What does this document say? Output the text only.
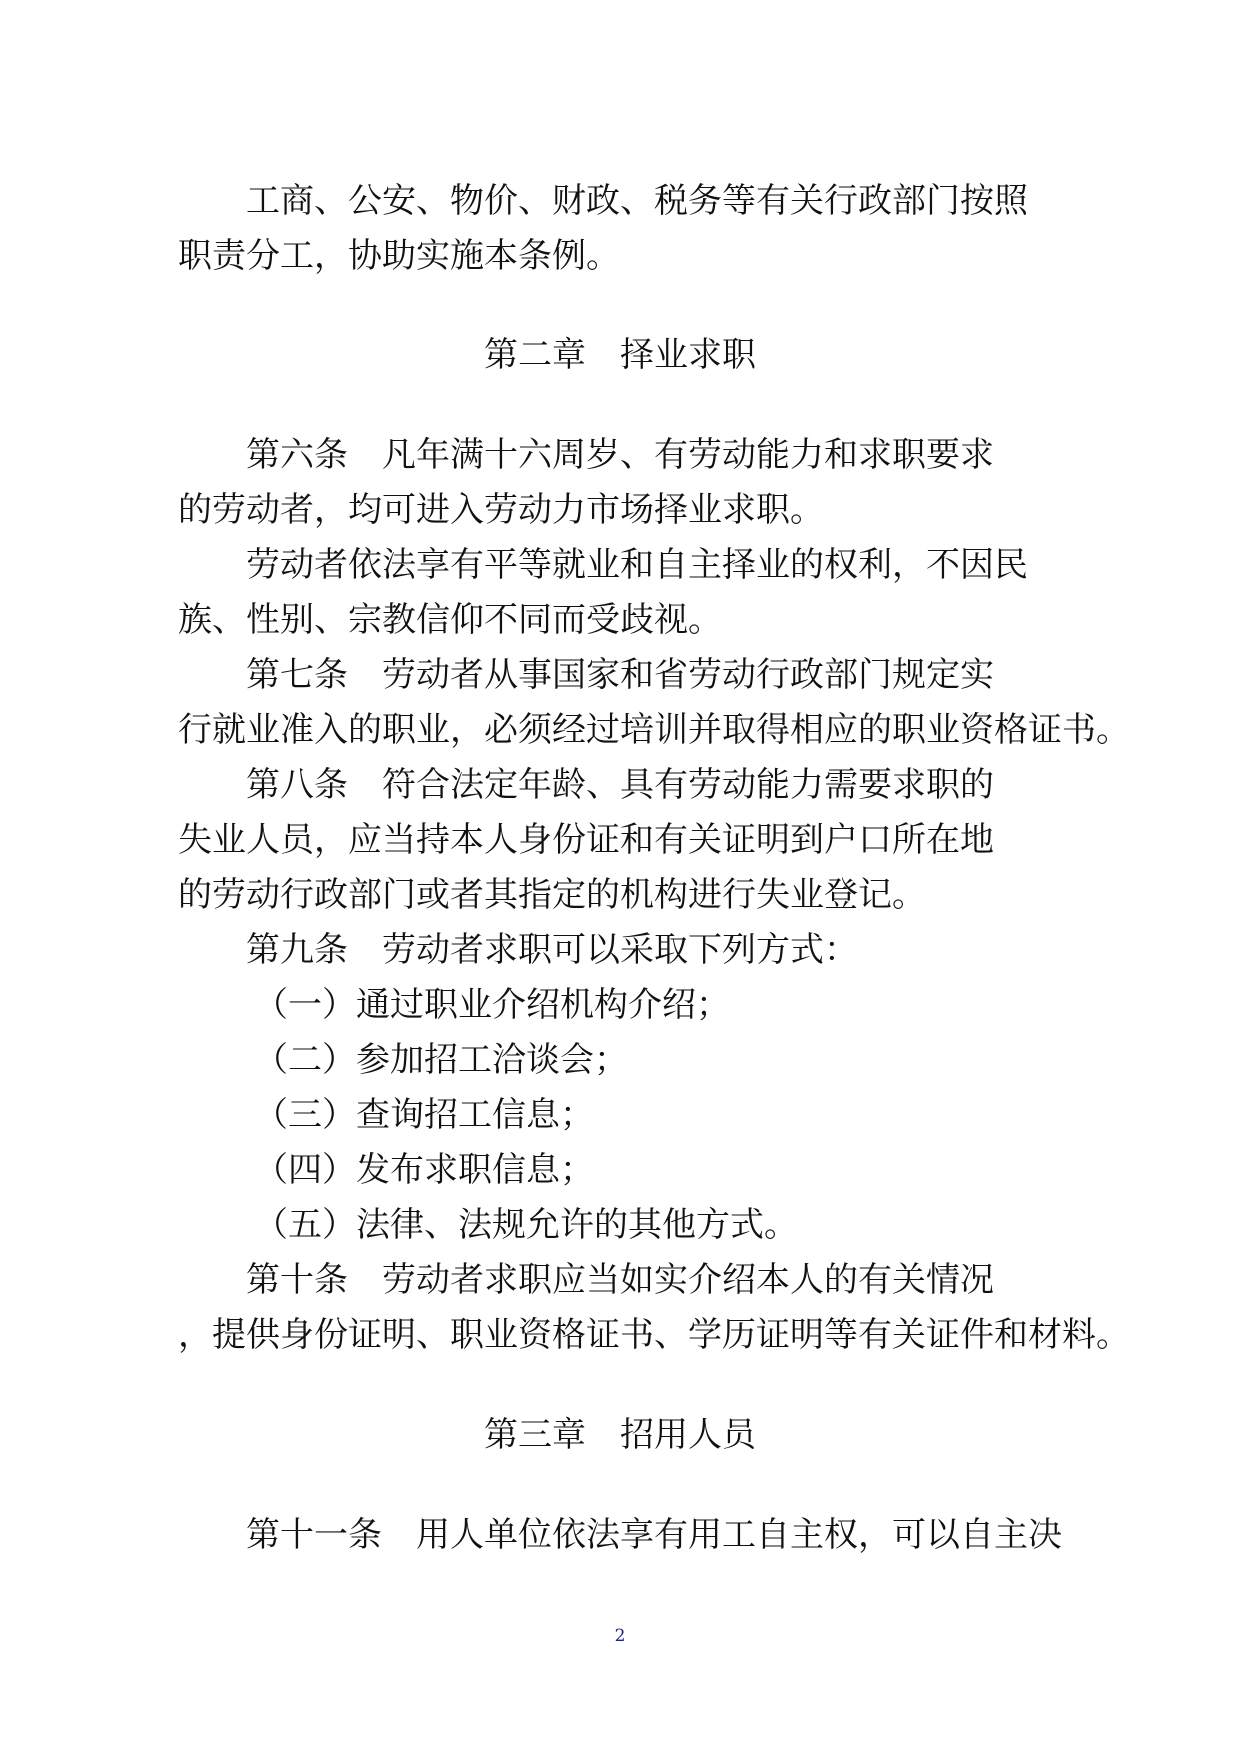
工商、公安、物价、财政、税务等有关行政部门按照

职责分工，协助实施本条例。

第二章　择业求职

第六条　凡年满十六周岁、有劳动能力和求职要求

的劳动者，均可进入劳动力市场择业求职。

劳动者依法享有平等就业和自主择业的权利，不因民

族、性别、宗教信仰不同而受歧视。

第七条　劳动者从事国家和省劳动行政部门规定实

行就业准入的职业，必须经过培训并取得相应的职业资格证书。

第八条　符合法定年龄、具有劳动能力需要求职的

失业人员，应当持本人身份证和有关证明到户口所在地

的劳动行政部门或者其指定的机构进行失业登记。

第九条　劳动者求职可以采取下列方式：

（一）通过职业介绍机构介绍；

（二）参加招工洽谈会；

（三）查询招工信息；

（四）发布求职信息；

（五）法律、法规允许的其他方式。

第十条　劳动者求职应当如实介绍本人的有关情况

，提供身份证明、职业资格证书、学历证明等有关证件和材料。

第三章　招用人员

第十一条　用人单位依法享有用工自主权，可以自主决

2
